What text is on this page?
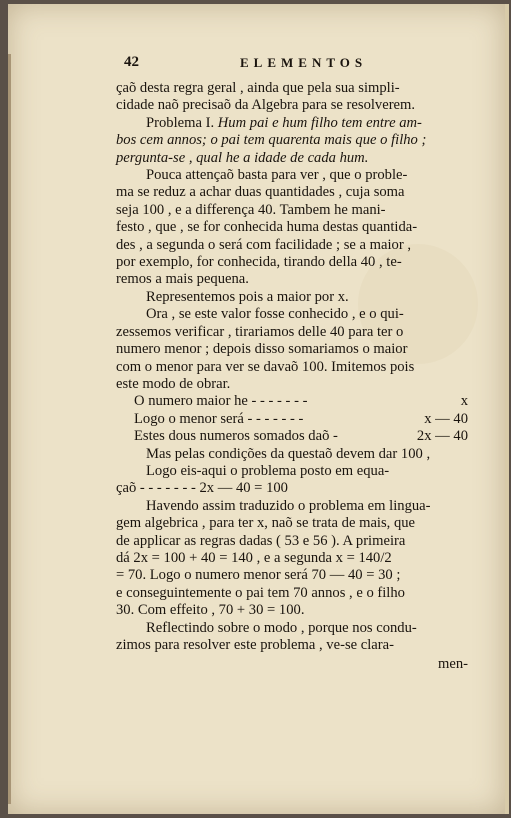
42	ELEMENTOS

çaõ desta regra geral , ainda que pela sua simpli-

cidade naõ precisaõ da Algebra para se resolverem.

Problema I. Hum pai e hum filho tem entre am-

bos cem annos; o pai tem quarenta mais que o filho ;

pergunta-se , qual he a idade de cada hum.

Pouca attençaõ basta para ver , que o proble-

ma se reduz a achar duas quantidades , cuja soma

seja 100 , e a differença 40. Tambem he mani-

festo , que , se for conhecida huma destas quantida-

des , a segunda o será com facilidade ; se a maior ,

por exemplo, for conhecida, tirando della 40 , te-

remos a mais pequena.

Representemos pois a maior por x.

Ora , se este valor fosse conhecido , e o qui-

zessemos verificar , tirariamos delle 40 para ter o

numero menor ; depois disso somariamos o maior

com o menor para ver se davaõ 100. Imitemos pois

este modo de obrar.

O numero maior he - - - - - - -	x
Logo o menor será - - - - - - -	x — 40
Estes dous numeros somados daõ -	2x — 40

Mas pelas condições da questaõ devem dar 100 ,

Logo eis-aqui o problema posto em equa-

çaõ - - - - - - - 2x — 40 = 100

Havendo assim traduzido o problema em lingua-

gem algebrica , para ter x, naõ se trata de mais, que

de applicar as regras dadas ( 53 e 56 ). A primeira

dá 2x = 100 + 40 = 140 , e a segunda x = 140/2

= 70. Logo o numero menor será 70 — 40 = 30 ;

e conseguintemente o pai tem 70 annos , e o filho

30. Com effeito , 70 + 30 = 100.

Reflectindo sobre o modo , porque nos condu-

zimos para resolver este problema , ve-se clara-

men-
